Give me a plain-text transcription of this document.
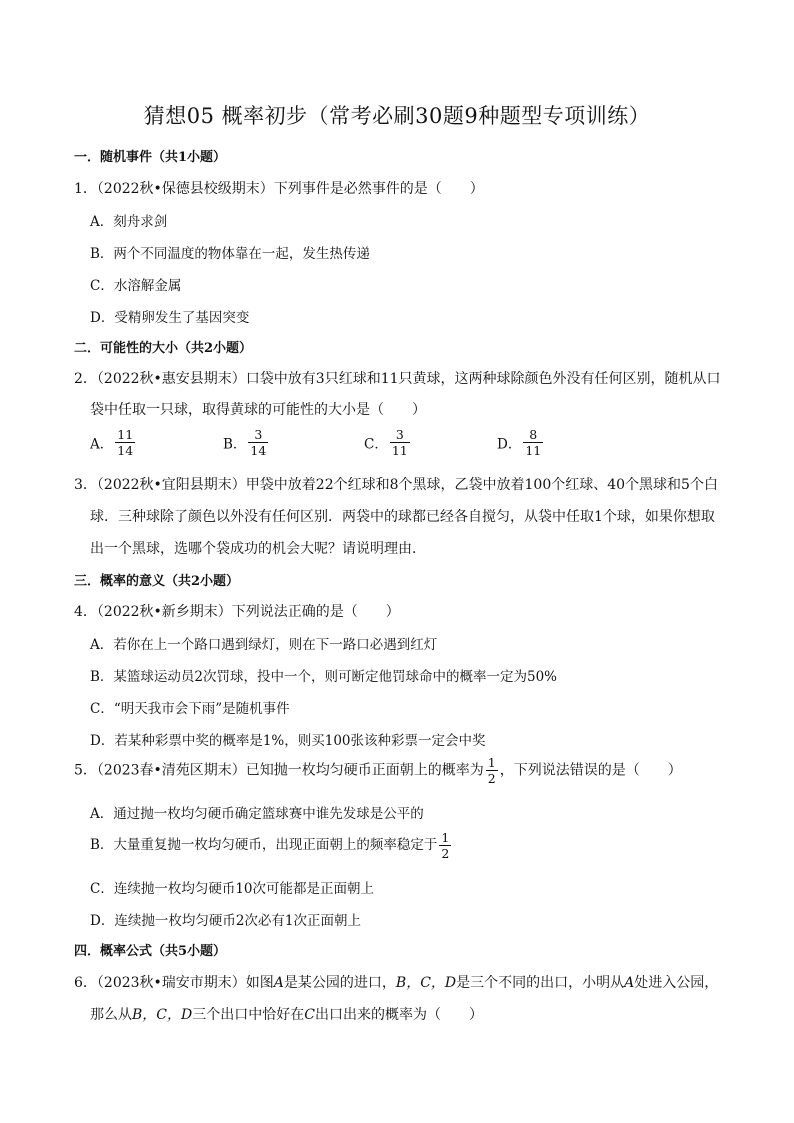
猜想05 概率初步（常考必刷30题9种题型专项训练）
一．随机事件（共1小题）
1．（2022秋•保德县校级期末）下列事件是必然事件的是（　　）
A．刻舟求剑
B．两个不同温度的物体靠在一起，发生热传递
C．水溶解金属
D．受精卵发生了基因突变
二．可能性的大小（共2小题）
2．（2022秋•惠安县期末）口袋中放有3只红球和11只黄球，这两种球除颜色外没有任何区别，随机从口
袋中任取一只球，取得黄球的可能性的大小是（　　）
A． $\frac{11}{14}$	B． $\frac{3}{14}$	C． $\frac{3}{11}$	D． $\frac{8}{11}$
3．（2022秋•宜阳县期末）甲袋中放着22个红球和8个黑球，乙袋中放着100个红球、40个黑球和5个白
球．三种球除了颜色以外没有任何区别．两袋中的球都已经各自搅匀，从袋中任取1个球，如果你想取
出一个黑球，选哪个袋成功的机会大呢？请说明理由．
三．概率的意义（共2小题）
4．（2022秋•新乡期末）下列说法正确的是（　　）
A．若你在上一个路口遇到绿灯，则在下一路口必遇到红灯
B．某篮球运动员2次罚球，投中一个，则可断定他罚球命中的概率一定为50%
C．“明天我市会下雨”是随机事件
D．若某种彩票中奖的概率是1%，则买100张该种彩票一定会中奖
5．（2023春•清苑区期末）已知抛一枚均匀硬币正面朝上的概率为 $\frac{1}{2}$ ，下列说法错误的是（　　）
A．通过抛一枚均匀硬币确定篮球赛中谁先发球是公平的
B．大量重复抛一枚均匀硬币，出现正面朝上的频率稳定于 $\frac{1}{2}$
C．连续抛一枚均匀硬币10次可能都是正面朝上
D．连续抛一枚均匀硬币2次必有1次正面朝上
四．概率公式（共5小题）
6．（2023秋•瑞安市期末）如图A是某公园的进口，B，C，D是三个不同的出口，小明从A处进入公园，
那么从B，C，D三个出口中恰好在C出口出来的概率为（　　）
